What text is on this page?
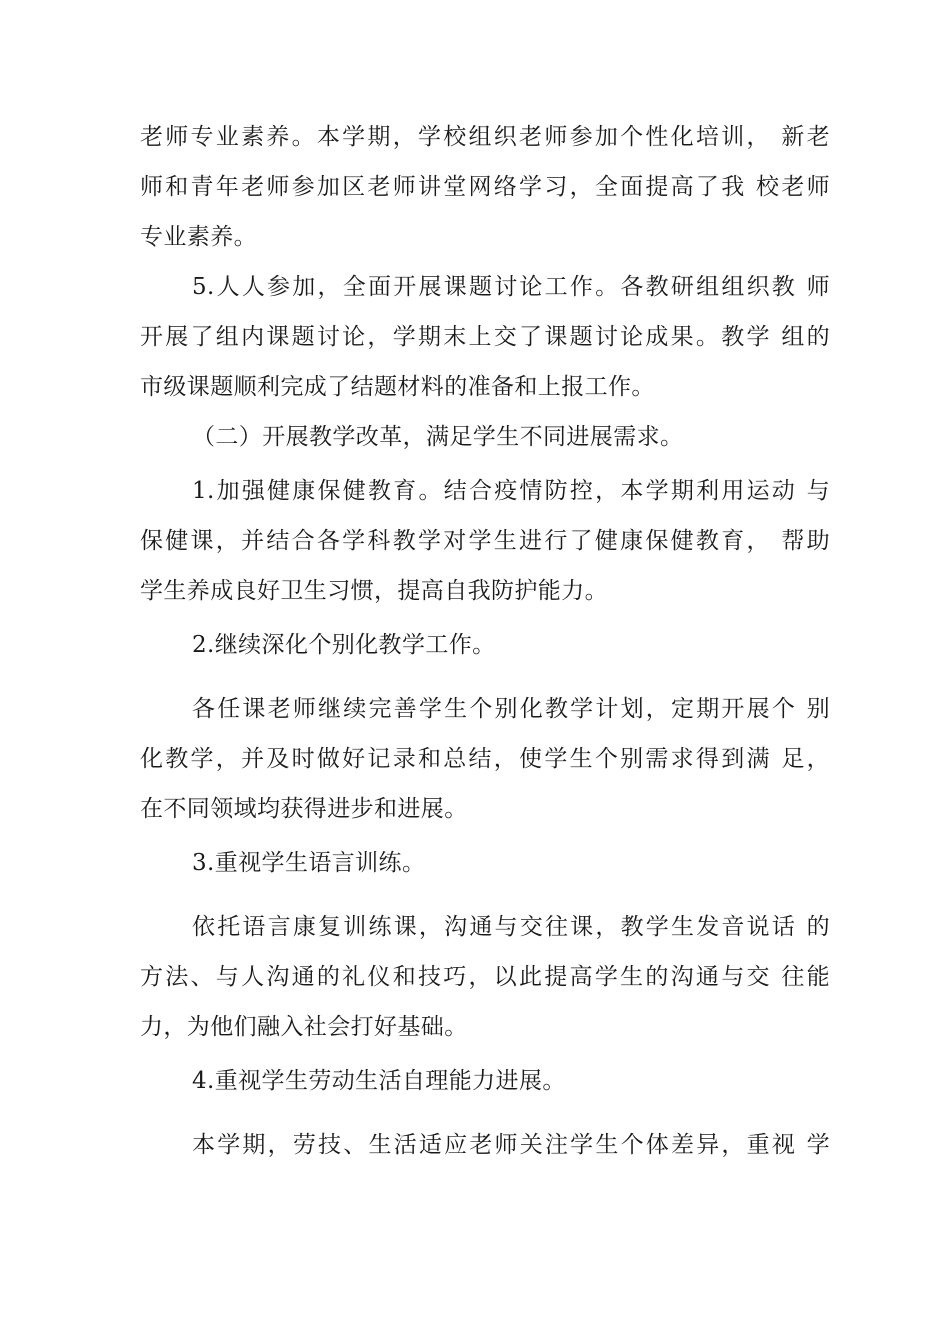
老师专业素养。本学期，学校组织老师参加个性化培训， 新老
师和青年老师参加区老师讲堂网络学习，全面提高了我 校老师
专业素养。
5.人人参加，全面开展课题讨论工作。各教研组组织教 师
开展了组内课题讨论，学期末上交了课题讨论成果。教学 组的
市级课题顺利完成了结题材料的准备和上报工作。
（二）开展教学改革，满足学生不同进展需求。
1.加强健康保健教育。结合疫情防控，本学期利用运动 与
保健课，并结合各学科教学对学生进行了健康保健教育， 帮助
学生养成良好卫生习惯，提高自我防护能力。
2.继续深化个别化教学工作。
各任课老师继续完善学生个别化教学计划，定期开展个 别
化教学，并及时做好记录和总结，使学生个别需求得到满 足，
在不同领域均获得进步和进展。
3.重视学生语言训练。
依托语言康复训练课，沟通与交往课，教学生发音说话 的
方法、与人沟通的礼仪和技巧，以此提高学生的沟通与交 往能
力，为他们融入社会打好基础。
4.重视学生劳动生活自理能力进展。
本学期，劳技、生活适应老师关注学生个体差异，重视 学
